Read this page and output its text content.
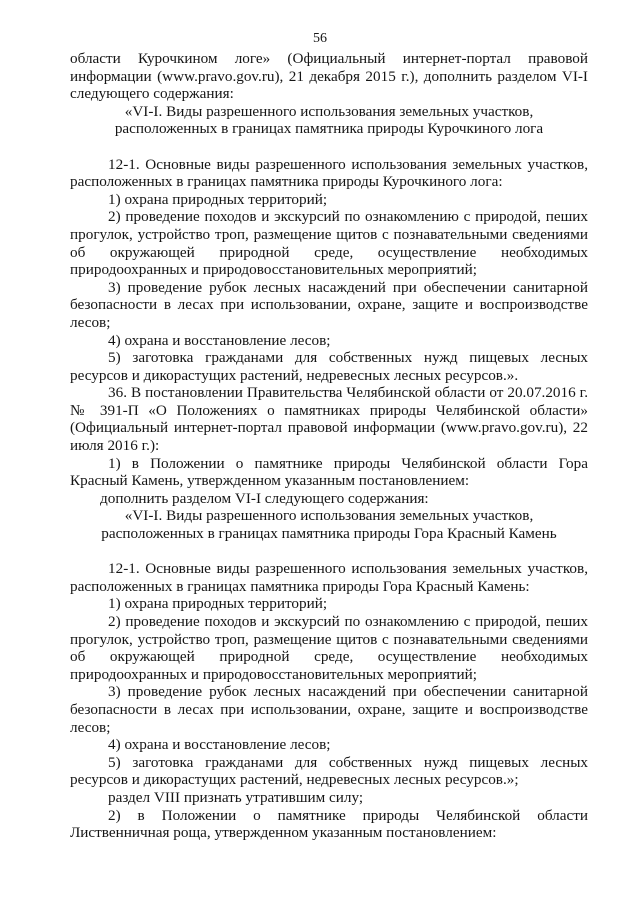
56

области Курочкином логе» (Официальный интернет-портал правовой информации (www.pravo.gov.ru), 21 декабря 2015 г.), дополнить разделом VI-I следующего содержания:

«VI-I. Виды разрешенного использования земельных участков,

расположенных в границах памятника природы Курочкиного лога

12-1. Основные виды разрешенного использования земельных участков, расположенных в границах памятника природы Курочкиного лога:

1) охрана природных территорий;

2) проведение походов и экскурсий по ознакомлению с природой, пеших прогулок, устройство троп, размещение щитов с познавательными сведениями об окружающей природной среде, осуществление необходимых природоохранных и природовосстановительных мероприятий;

3) проведение рубок лесных насаждений при обеспечении санитарной безопасности в лесах при использовании, охране, защите и воспроизводстве лесов;

4) охрана и восстановление лесов;

5) заготовка гражданами для собственных нужд пищевых лесных ресурсов и дикорастущих растений, недревесных лесных ресурсов.».

36. В постановлении Правительства Челябинской области от 20.07.2016 г. № 391-П «О Положениях о памятниках природы Челябинской области» (Официальный интернет-портал правовой информации (www.pravo.gov.ru), 22 июля 2016 г.):

1) в Положении о памятнике природы Челябинской области Гора Красный Камень, утвержденном указанным постановлением:

дополнить разделом VI-I следующего содержания:

«VI-I. Виды разрешенного использования земельных участков,

расположенных в границах памятника природы Гора Красный Камень

12-1. Основные виды разрешенного использования земельных участков, расположенных в границах памятника природы Гора Красный Камень:

1) охрана природных территорий;

2) проведение походов и экскурсий по ознакомлению с природой, пеших прогулок, устройство троп, размещение щитов с познавательными сведениями об окружающей природной среде, осуществление необходимых природоохранных и природовосстановительных мероприятий;

3) проведение рубок лесных насаждений при обеспечении санитарной безопасности в лесах при использовании, охране, защите и воспроизводстве лесов;

4) охрана и восстановление лесов;

5) заготовка гражданами для собственных нужд пищевых лесных ресурсов и дикорастущих растений, недревесных лесных ресурсов.»;

раздел VIII признать утратившим силу;

2) в Положении о памятнике природы Челябинской области Лиственничная роща, утвержденном указанным постановлением:
